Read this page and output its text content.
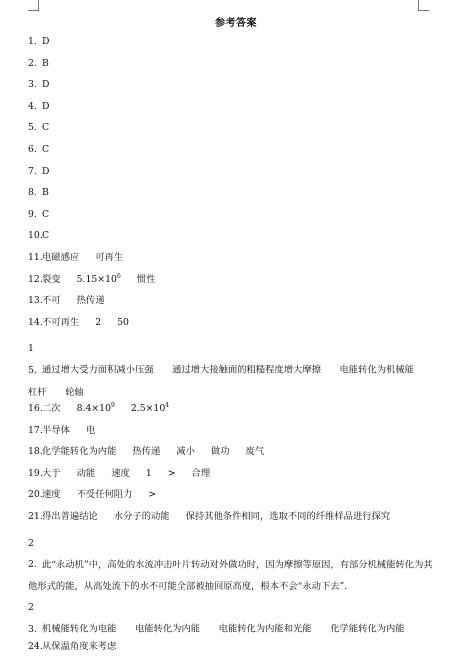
参考答案
1. D
2. B
3. D
4. D
5. C
6. C
7. D
8. B
9. C
10.C
11.电磁感应 可再生
12.裂变 $5.15\times 10^6$ 惯性
13.不可 热传递
14.不可再生 2 50
15. 通过增大受力面积减小压强　　通过增大接触面的粗糙程度增大摩擦　　电能转化为机械能　　杠杆　　轮轴
16.二次 $8.4\times 10^9$ $2.5\times 10^4$
17.半导体 电
18.化学能转化为内能 热传递 减小 做功 废气
19.大于 动能 速度 1 > 合理
20.速度 不受任何阻力 >
21.得出普遍结论 水分子的动能 保持其他条件相同，选取不同的纤维样品进行探究
22. 此“永动机”中，高处的水流冲击叶片转动对外做功时，因为摩擦等原因，有部分机械能转化为其他形式的能，从高处流下的水不可能全部被抽回原高度，根本不会“永动下去”.
23. 机械能转化为电能　　电能转化为内能　　电能转化为内能和光能　　化学能转化为内能
24.从保温角度来考虑
